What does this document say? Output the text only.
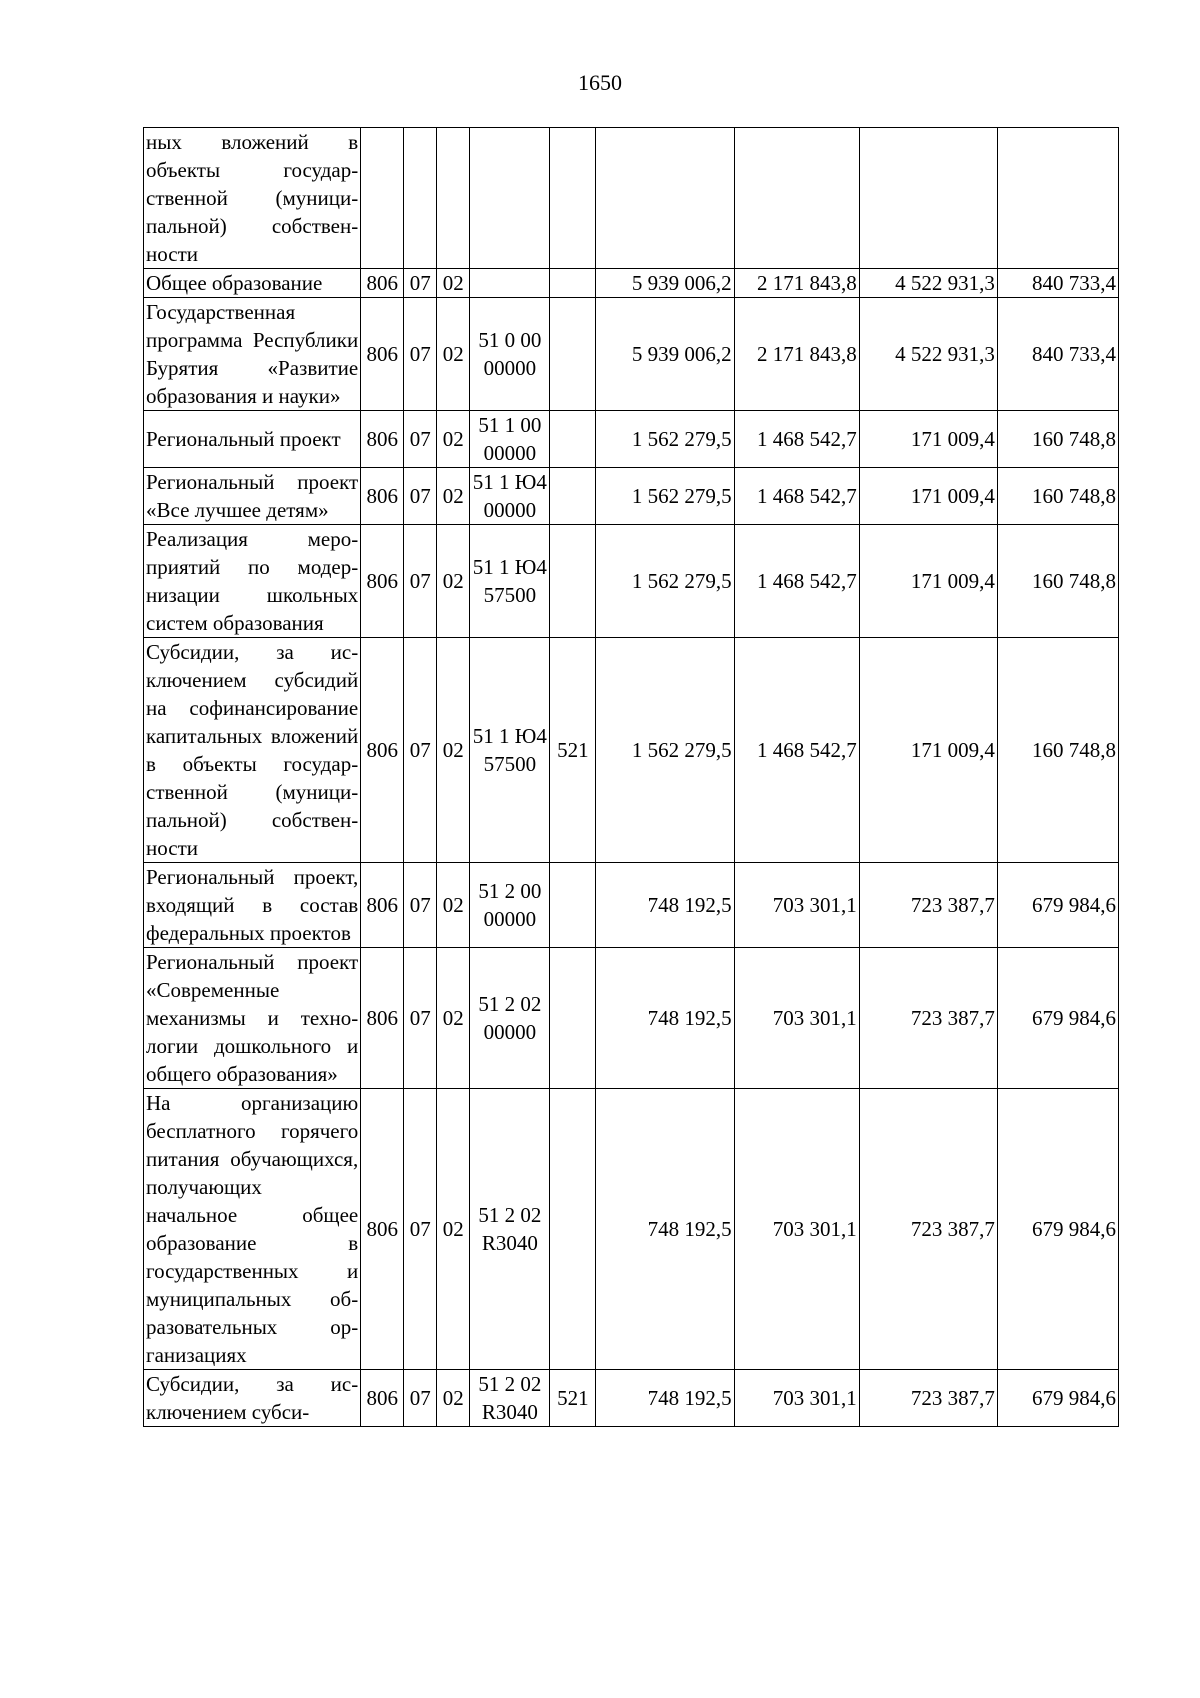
1650
ных вложений в объекты государственной (муниципальной) собственности									
Общее образование	806	07	02			5 939 006,2	2 171 843,8	4 522 931,3	840 733,4
Государственная программа Республики Бурятия «Развитие образования и науки»	806	07	02	51 0 00 00000		5 939 006,2	2 171 843,8	4 522 931,3	840 733,4
Региональный проект	806	07	02	51 1 00 00000		1 562 279,5	1 468 542,7	171 009,4	160 748,8
Региональный проект «Все лучшее детям»	806	07	02	51 1 Ю4 00000		1 562 279,5	1 468 542,7	171 009,4	160 748,8
Реализация мероприятий по модернизации школьных систем образования	806	07	02	51 1 Ю4 57500		1 562 279,5	1 468 542,7	171 009,4	160 748,8
Субсидии, за исключением субсидий на софинансирование капитальных вложений в объекты государственной (муниципальной) собственности	806	07	02	51 1 Ю4 57500	521	1 562 279,5	1 468 542,7	171 009,4	160 748,8
Региональный проект, входящий в состав федеральных проектов	806	07	02	51 2 00 00000		748 192,5	703 301,1	723 387,7	679 984,6
Региональный проект «Современные механизмы и технологии дошкольного и общего образования»	806	07	02	51 2 02 00000		748 192,5	703 301,1	723 387,7	679 984,6
На организацию бесплатного горячего питания обучающихся, получающих начальное общее образование в государственных и муниципальных образовательных организациях	806	07	02	51 2 02 R3040		748 192,5	703 301,1	723 387,7	679 984,6
Субсидии, за исключением субси-	806	07	02	51 2 02 R3040	521	748 192,5	703 301,1	723 387,7	679 984,6
